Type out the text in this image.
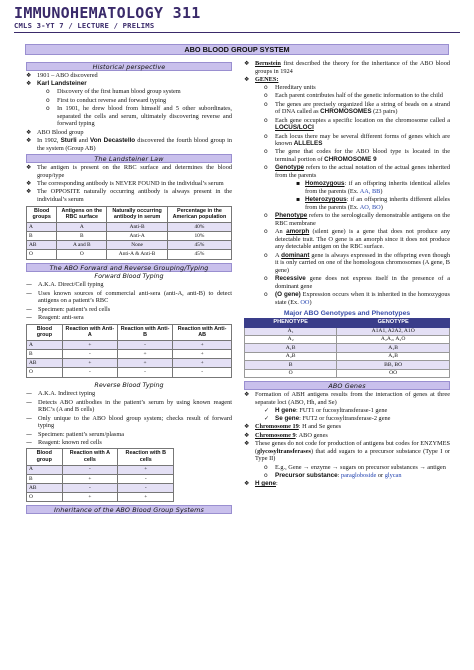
IMMUNOHEMATOLOGY 311
CMLS 3-YT 7 / LECTURE / PRELIMS
ABO BLOOD GROUP SYSTEM
Historical perspective
❖ 1901 – ABO discovered
❖ Karl Landsteiner
o Discovery of the first human blood group system
o First to conduct reverse and forward typing
o In 1901, he drew blood from himself and 5 other subordinates, separated the cells and serum, ultimately discovering reverse and forward typing
❖ ABO Blood group
❖ In 1902, Sturli and Von Decastello discovered the fourth blood group in the system (Group AB)
The Landsteiner Law
❖ The antigen is present on the RBC surface and determines the blood group/type
❖ The corresponding antibody is NEVER FOUND in the individual’s serum
❖ The OPPOSITE naturally occurring antibody is always present in the individual’s serum
Blood groups	Antigens on the RBC surface	Naturally occurring antibody in serum	Percentage in the American population
A	A	Anti-B	40%
B	B	Anti-A	10%
AB	A and B	None	45%
O	O	Anti-A & Anti-B	45%
The ABO Forward and Reverse Grouping/Typing
Forward Blood Typing
— A.K.A. Direct/Cell typing
— Uses known sources of commercial anti-sera (anti-A, anti-B) to detect antigens on a patient’s RBC
— Specimen: patient’s red cells
— Reagent: anti-sera
Blood group	Reaction with Anti-A	Reaction with Anti-B	Reaction with Anti-AB
A	+	-	+
B	-	+	+
AB	+	+	+
O	-	-	-
Reverse Blood Typing
— A.K.A. Indirect typing
— Detects ABO antibodies in the patient’s serum by using known reagent RBC’s (A and B cells)
— Only unique to the ABO blood group system; checks result of forward typing
— Specimen: patient’s serum/plasma
— Reagent: known red cells
Blood group	Reaction with A cells	Reaction with B cells
A	-	+
B	+	-
AB	-	-
O	+	+
Inheritance of the ABO Blood Group Systems
❖ Bernstein first described the theory for the inheritance of the ABO blood groups in 1924
❖ GENES:
o Hereditary units
o Each parent contributes half of the genetic information to the child
o The genes are precisely organized like a string of beads on a strand of DNA called as CHROMOSOMES (23 pairs)
o Each gene occupies a specific location on the chromosome called a LOCUS/LOCI
o Each locus there may be several different forms of genes which are known ALLELES
o The gene that codes for the ABO blood type is located in the terminal portion of CHROMOSOME 9
o Genotype refers to the actual notation of the actual genes inherited from the parents
▪ Homozygous: if an offspring inherits identical alleles from the parents (Ex. AA, BB)
▪ Heterozygous: if an offspring inherits different alleles from the parents (Ex. AO, BO)
o Phenotype refers to the serologically demonstrable antigens on the RBC membrane
o An amorph (silent gene) is a gene that does not produce any detectable trait. The O gene is an amorph since it does not produce any detectable antigen on the RBC surface.
o A dominant gene is always expressed in the offspring even though it is only carried on one of the homologous chromosomes (A gene, B gene)
o Recessive gene does not express itself in the presence of a dominant gene
o (O gene) Expression occurs when it is inherited in the homozygous state (Ex. OO)
Major ABO Genotypes and Phenotypes
PHENOTYPE	GENOTYPE
A₁	A1A1, A2A2, A1O
A₂	A₂A₂, A₂O
A₁B	A₁B
A₂B	A₂B
B	BB, BO
O	OO
ABO Genes
❖ Formation of ABH antigens results from the interaction of genes at three separate loci (ABO, Hh, and Se)
✓ H gene: FUT1 or fucosyltransferase-1 gene
✓ Se gene: FUT2 or fucosyltransferase-2 gene
❖ Chromosome 19: H and Se genes
❖ Chromosome 9: ABO genes
❖ These genes do not code for production of antigens but codes for ENZYMES (glycosyltransferases) that add sugars to a precursor substance (Type I or Type II)
o E.g., Gene → enzyme → sugars on precursor substances → antigen
o Precursor substance: paragloboside or glycan
❖ H gene:
